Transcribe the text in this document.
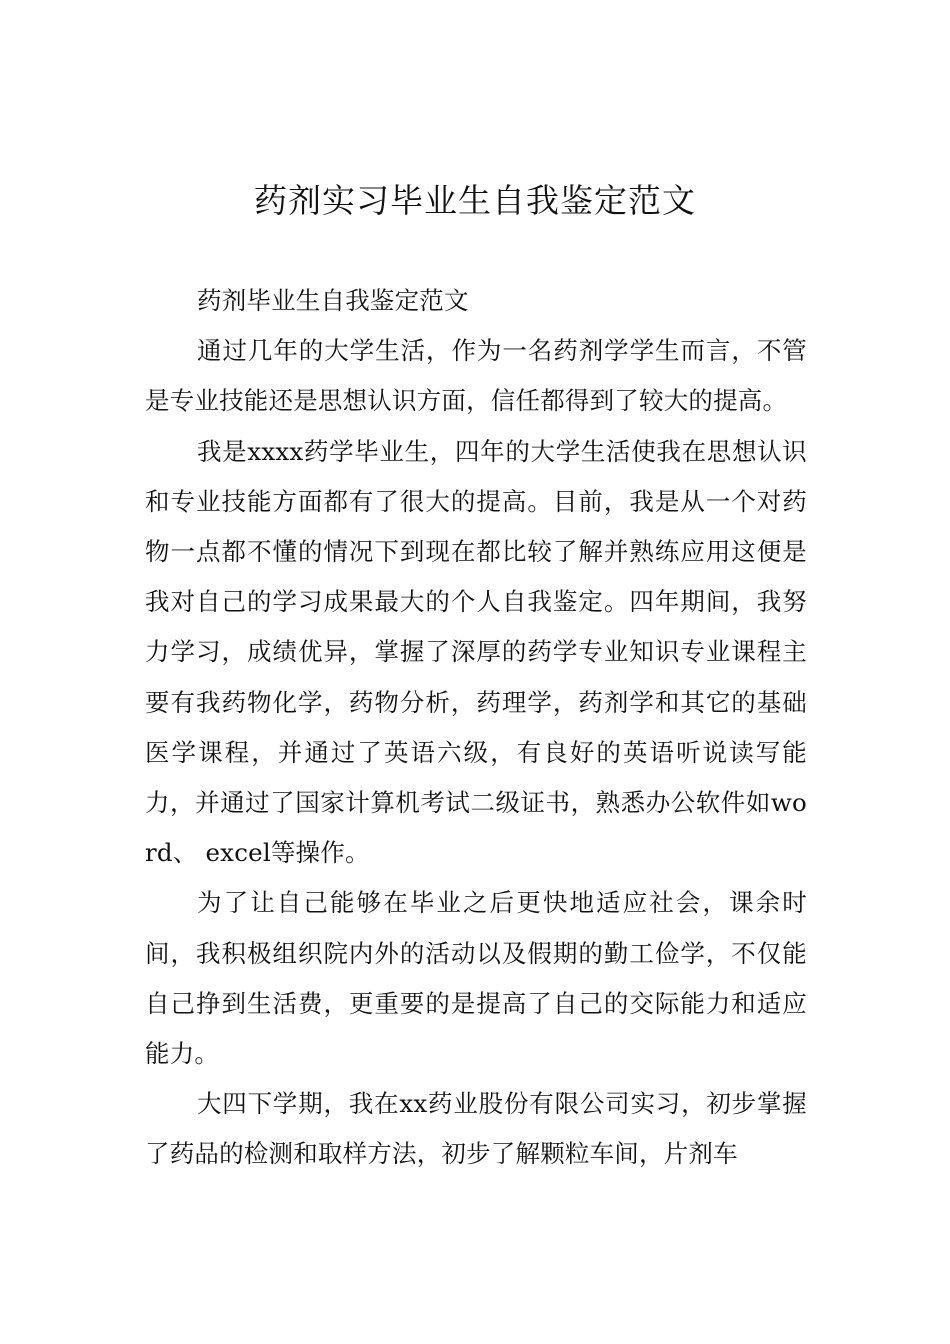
药剂实习毕业生自我鉴定范文

药剂毕业生自我鉴定范文

通过几年的大学生活，作为一名药剂学学生而言，不管是专业技能还是思想认识方面，信任都得到了较大的提高。

我是xxxx药学毕业生，四年的大学生活使我在思想认识和专业技能方面都有了很大的提高。目前，我是从一个对药物一点都不懂的情况下到现在都比较了解并熟练应用这便是我对自己的学习成果最大的个人自我鉴定。四年期间，我努力学习，成绩优异，掌握了深厚的药学专业知识专业课程主要有我药物化学，药物分析，药理学，药剂学和其它的基础医学课程，并通过了英语六级，有良好的英语听说读写能力，并通过了国家计算机考试二级证书，熟悉办公软件如word、 excel等操作。

为了让自己能够在毕业之后更快地适应社会，课余时间，我积极组织院内外的活动以及假期的勤工俭学，不仅能自己挣到生活费，更重要的是提高了自己的交际能力和适应能力。

大四下学期，我在xx药业股份有限公司实习，初步掌握了药品的检测和取样方法，初步了解颗粒车间，片剂车
